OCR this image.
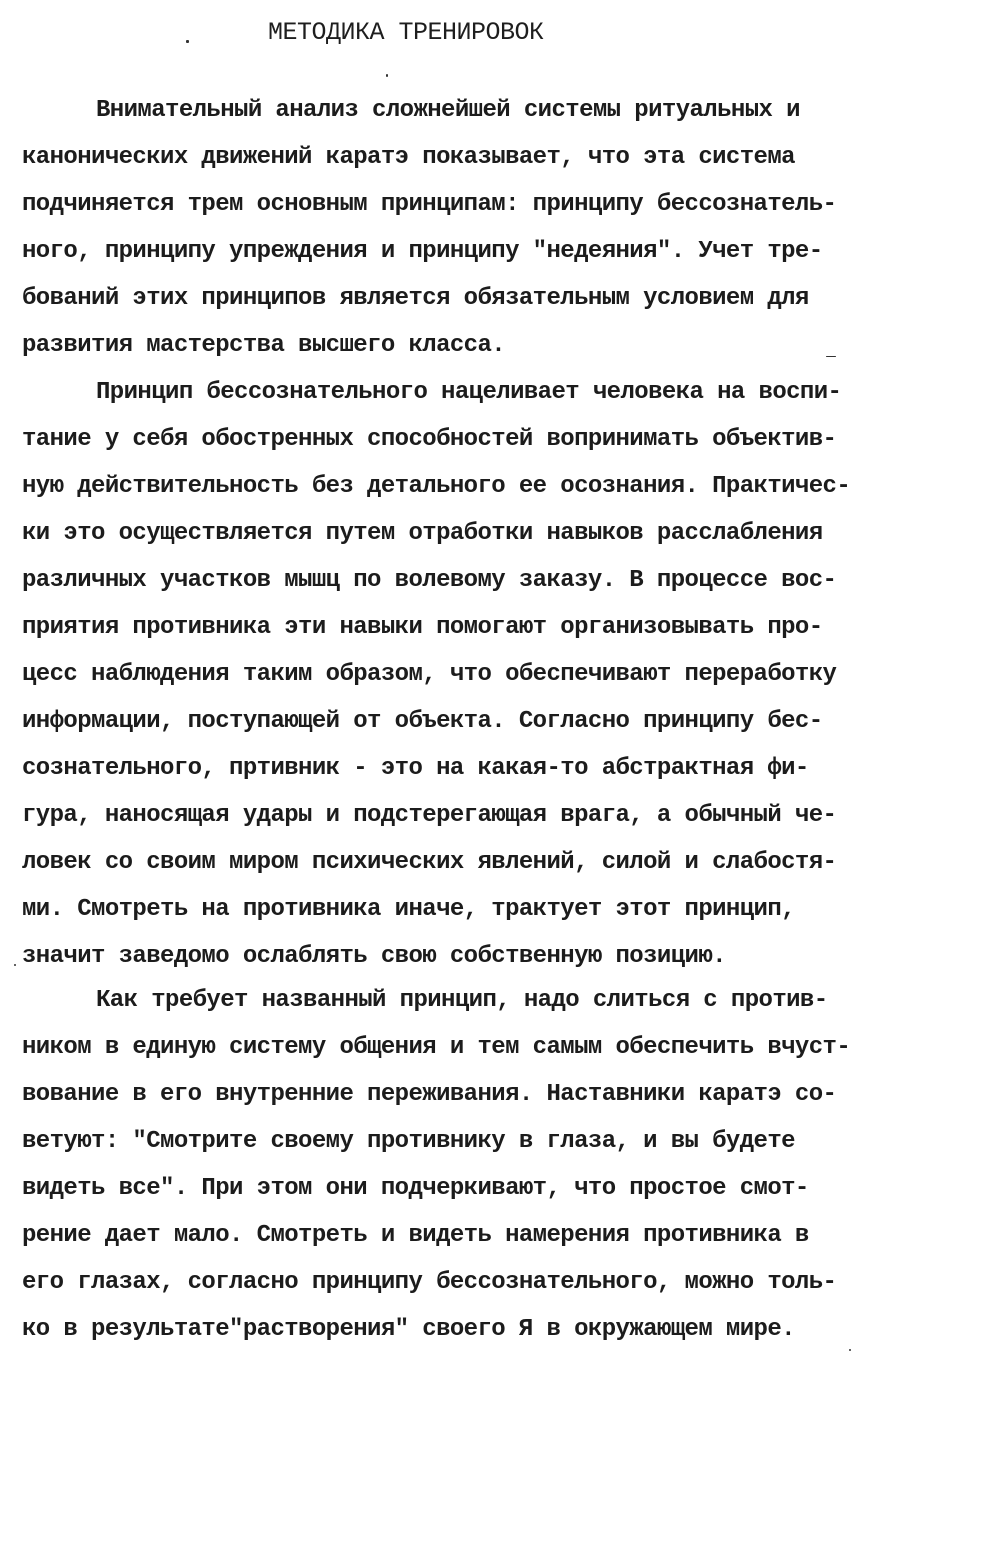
МЕТОДИКА ТРЕНИРОВОК
Внимательный анализ сложнейшей системы ритуальных и
канонических движений каратэ показывает, что эта система
подчиняется трем основным принципам: принципу бессознатель-
ного, принципу упреждения и принципу "недеяния". Учет тре-
бований этих принципов является обязательным условием для
развития мастерства высшего класса.
Принцип бессознательного нацеливает человека на воспи-
тание у себя обостренных способностей вопринимать объектив-
ную действительность без детального ее осознания. Практичес-
ки это осуществляется путем отработки навыков расслабления
различных участков мышц по волевому заказу. В процессе вос-
приятия противника эти навыки помогают организовывать про-
цесс наблюдения таким образом, что обеспечивают переработку
информации, поступающей от объекта. Согласно принципу бес-
сознательного, пртивник - это на какая-то абстрактная фи-
гура, наносящая удары и подстерегающая врага, а обычный че-
ловек со своим миром психических явлений, силой и слабостя-
ми. Смотреть на противника иначе, трактует этот принцип,
значит заведомо ослаблять свою собственную позицию.
Как требует названный принцип, надо слиться с против-
ником в единую систему общения и тем самым обеспечить вчуст-
вование в его внутренние переживания. Наставники каратэ со-
ветуют: "Смотрите своему противнику в глаза, и вы будете
видеть все". При этом они подчеркивают, что простое смот-
рение дает мало. Смотреть и видеть намерения противника в
его глазах, согласно принципу бессознательного, можно толь-
ко в результате"растворения" своего Я в окружающем мире.
